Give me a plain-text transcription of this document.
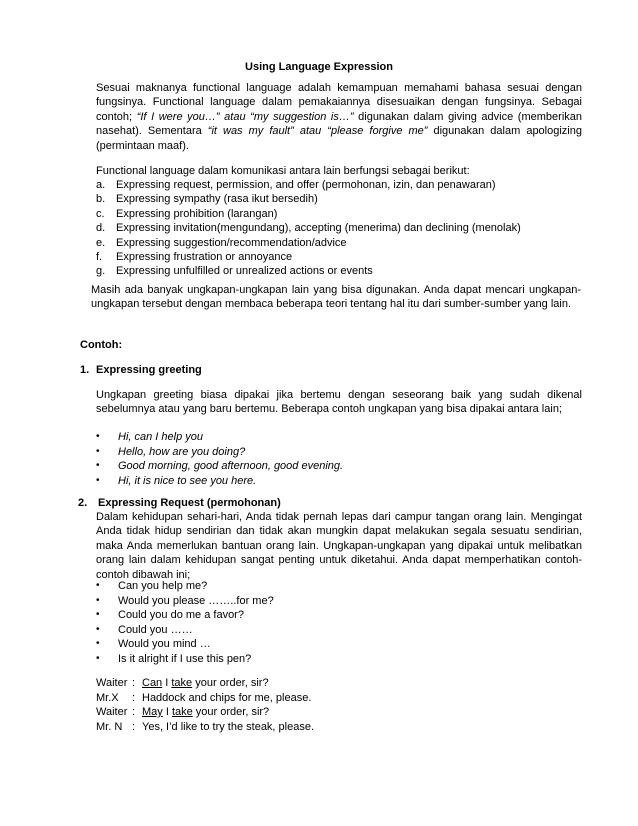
Using Language Expression

Sesuai maknanya functional language adalah kemampuan memahami bahasa sesuai dengan fungsinya. Functional language dalam pemakaiannya disesuaikan dengan fungsinya. Sebagai contoh; “If I were you…” atau “my suggestion is…” digunakan dalam giving advice (memberikan nasehat). Sementara “it was my fault” atau “please forgive me” digunakan dalam apologizing (permintaan maaf).

Functional language dalam komunikasi antara lain berfungsi sebagai berikut:
a. Expressing request, permission, and offer (permohonan, izin, dan penawaran)
b. Expressing sympathy (rasa ikut bersedih)
c.	Expressing prohibition (larangan)
d. Expressing invitation(mengundang), accepting (menerima) dan declining (menolak)
e. Expressing suggestion/recommendation/advice
f.	Expressing frustration or annoyance
g. Expressing unfulfilled or unrealized actions or events
Masih ada banyak ungkapan-ungkapan lain yang bisa digunakan. Anda dapat mencari ungkapan-ungkapan tersebut dengan membaca beberapa teori tentang hal itu dari sumber-sumber yang lain.
Contoh:
1. Expressing greeting
Ungkapan greeting biasa dipakai jika bertemu dengan seseorang baik yang sudah dikenal sebelumnya atau yang baru bertemu. Beberapa contoh ungkapan yang bisa dipakai antara lain;
•	Hi, can I help you
•	Hello, how are you doing?
•	Good morning, good afternoon, good evening.
•	Hi, it is nice to see you here.
2. Expressing Request (permohonan)
Dalam kehidupan sehari-hari, Anda tidak pernah lepas dari campur tangan orang lain. Mengingat Anda tidak hidup sendirian dan tidak akan mungkin dapat melakukan segala sesuatu sendirian, maka Anda memerlukan bantuan orang lain. Ungkapan-ungkapan yang dipakai untuk melibatkan orang lain dalam kehidupan sangat penting untuk diketahui. Anda dapat memperhatikan contoh-contoh dibawah ini;
•	Can you help me?
•	Would you please ……..for me?
•	Could you do me a favor?
•	Could you ……
•	Would you mind …
•	Is it alright if I use this pen?
Waiter : Can I take your order, sir?
Mr.X	: Haddock and chips for me, please.
Waiter : May I take your order, sir?
Mr. N : Yes, I’d like to try the steak, please.
